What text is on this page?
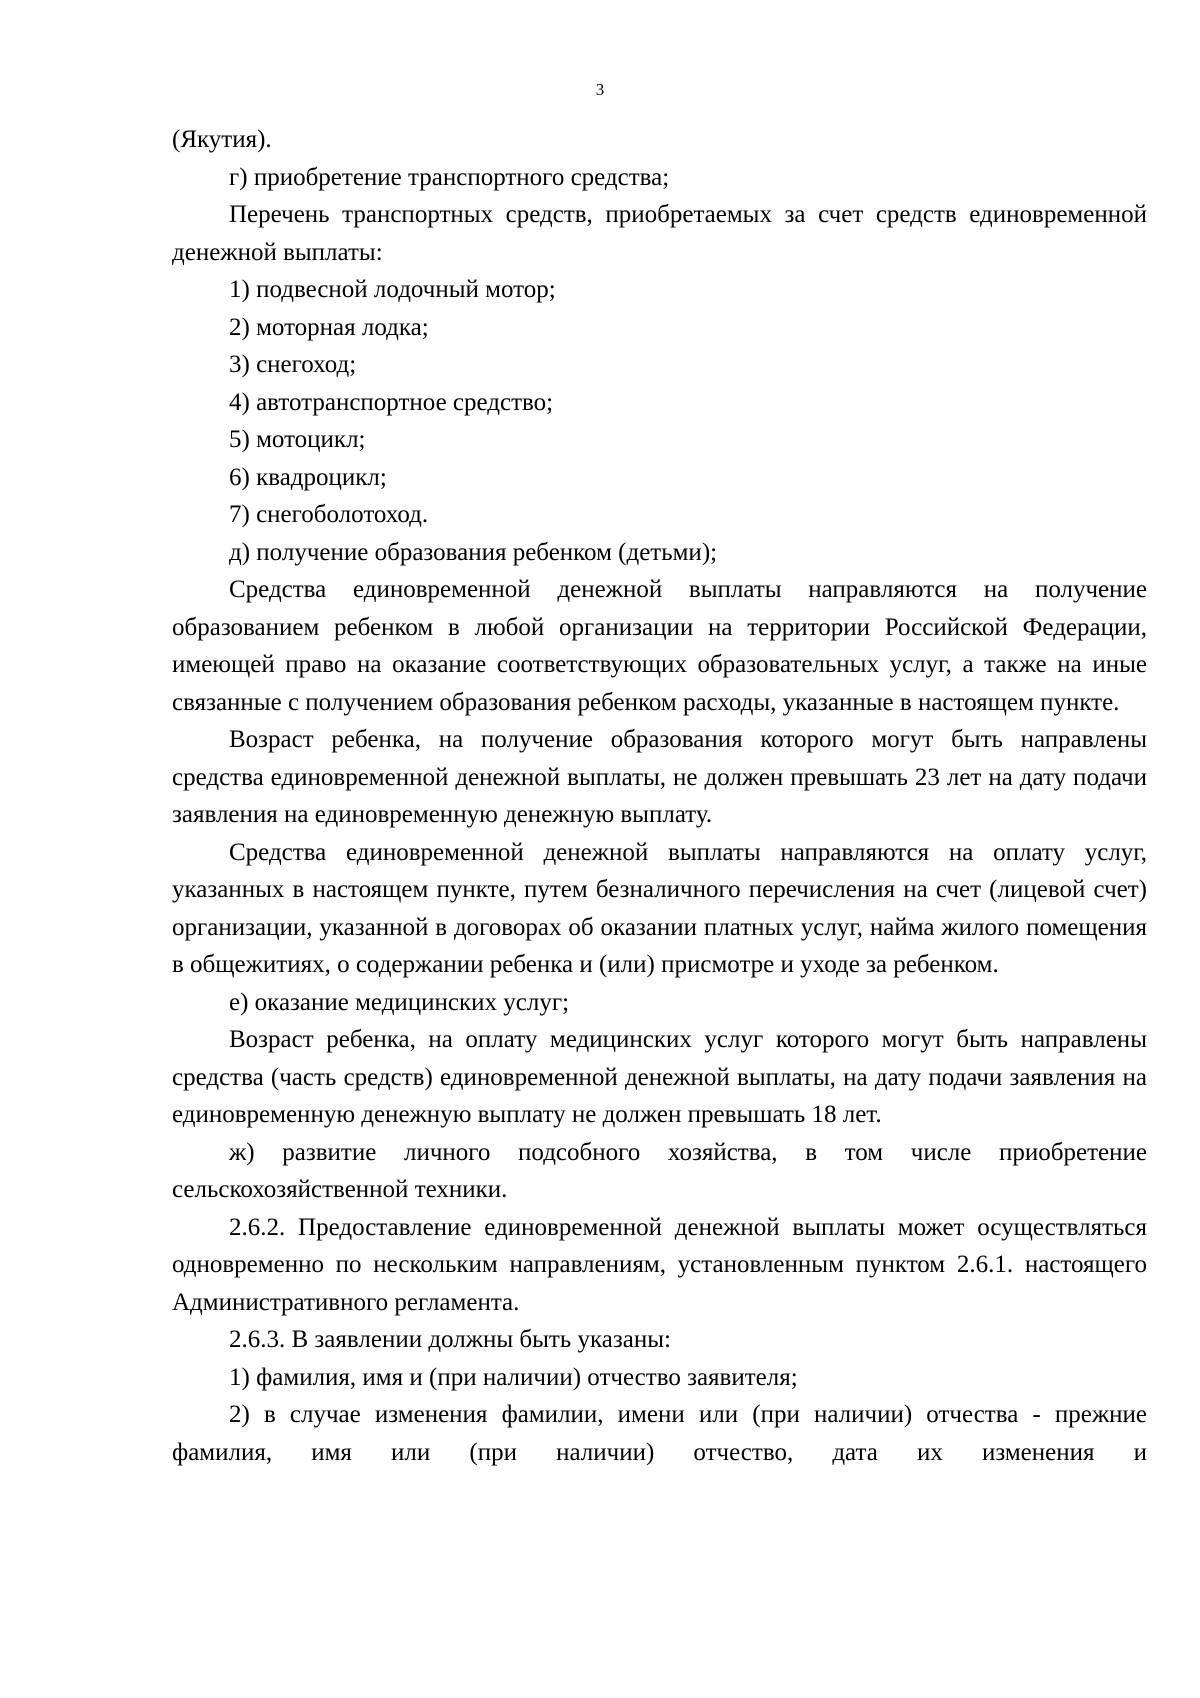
3

(Якутия).

г) приобретение транспортного средства;

Перечень транспортных средств, приобретаемых за счет средств единовременной денежной выплаты:

1) подвесной лодочный мотор;

2) моторная лодка;

3) снегоход;

4) автотранспортное средство;

5) мотоцикл;

6) квадроцикл;

7) снегоболотоход.

д) получение образования ребенком (детьми);

Средства единовременной денежной выплаты направляются на получение образованием ребенком в любой организации на территории Российской Федерации, имеющей право на оказание соответствующих образовательных услуг, а также на иные связанные с получением образования ребенком расходы, указанные в настоящем пункте.

Возраст ребенка, на получение образования которого могут быть направлены средства единовременной денежной выплаты, не должен превышать 23 лет на дату подачи заявления на единовременную денежную выплату.

Средства единовременной денежной выплаты направляются на оплату услуг, указанных в настоящем пункте, путем безналичного перечисления на счет (лицевой счет) организации, указанной в договорах об оказании платных услуг, найма жилого помещения в общежитиях, о содержании ребенка и (или) присмотре и уходе за ребенком.

е) оказание медицинских услуг;

Возраст ребенка, на оплату медицинских услуг которого могут быть направлены средства (часть средств) единовременной денежной выплаты, на дату подачи заявления на единовременную денежную выплату не должен превышать 18 лет.

ж) развитие личного подсобного хозяйства, в том числе приобретение сельскохозяйственной техники.

2.6.2. Предоставление единовременной денежной выплаты может осуществляться одновременно по нескольким направлениям, установленным пунктом 2.6.1. настоящего Административного регламента.

2.6.3. В заявлении должны быть указаны:

1) фамилия, имя и (при наличии) отчество заявителя;

2) в случае изменения фамилии, имени или (при наличии) отчества - прежние фамилия, имя или (при наличии) отчество, дата их изменения и
